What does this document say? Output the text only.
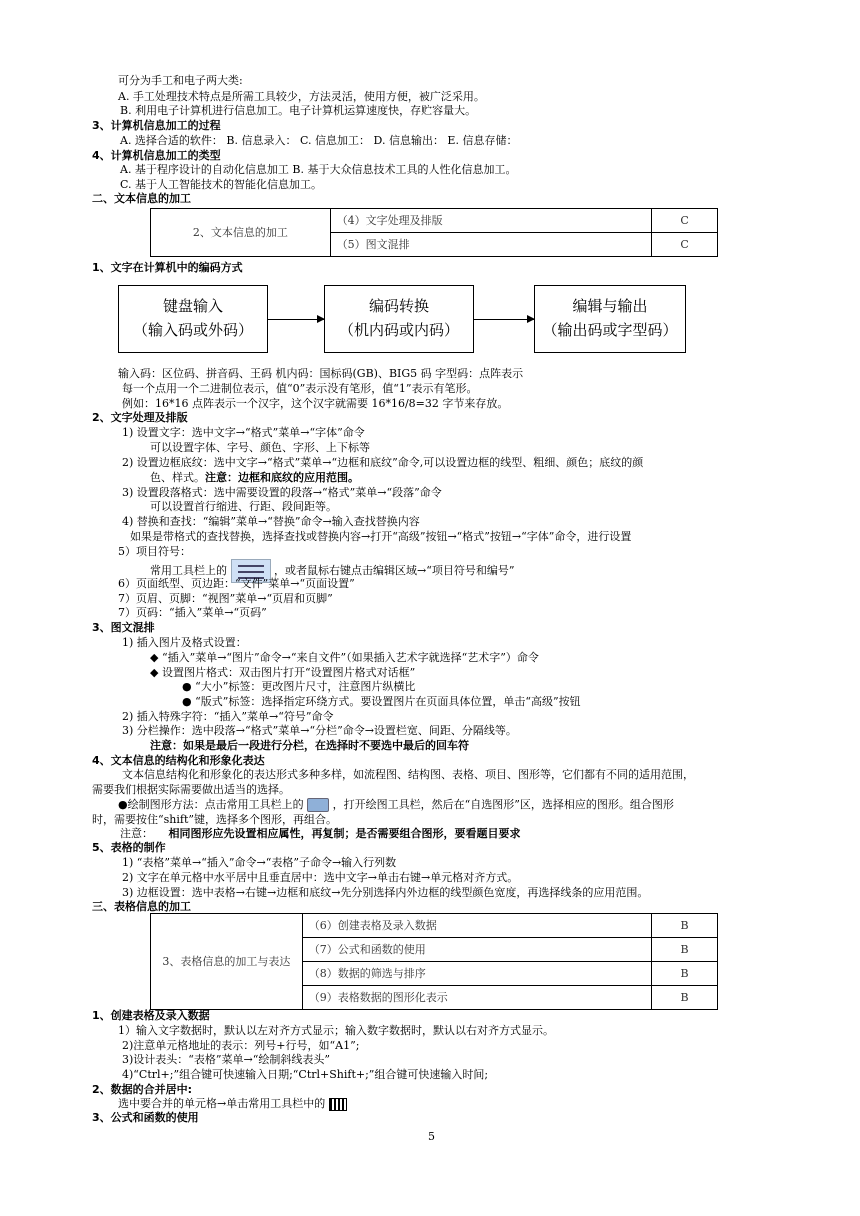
可分为手工和电子两大类:
A. 手工处理技术特点是所需工具较少，方法灵活，使用方便，被广泛采用。
B. 利用电子计算机进行信息加工。电子计算机运算速度快，存贮容量大。
3、计算机信息加工的过程
A. 选择合适的软件： B. 信息录入： C. 信息加工： D. 信息输出： E. 信息存储：
4、计算机信息加工的类型
A. 基于程序设计的自动化信息加工 B. 基于大众信息技术工具的人性化信息加工。
C. 基于人工智能技术的智能化信息加工。
二、文本信息的加工
2、文本信息的加工	（4）文字处理及排版	C
	（5）图文混排	C
1、文字在计算机中的编码方式
键盘输入
（输入码或外码）
编码转换
（机内码或内码）
编辑与输出
（输出码或字型码）
输入码：区位码、拼音码、王码 机内码：国标码(GB)、BIG5 码 字型码：点阵表示
每一个点用一个二进制位表示，值“0”表示没有笔形，值“1”表示有笔形。
例如：16*16 点阵表示一个汉字，这个汉字就需要 16*16/8=32 字节来存放。
2、文字处理及排版
1) 设置文字：选中文字→“格式”菜单→“字体”命令
可以设置字体、字号、颜色、字形、上下标等
2) 设置边框底纹：选中文字→“格式”菜单→“边框和底纹”命令,可以设置边框的线型、粗细、颜色；底纹的颜
色、样式。注意：边框和底纹的应用范围。
3) 设置段落格式：选中需要设置的段落→“格式”菜单→“段落”命令
可以设置首行缩进、行距、段间距等。
4) 替换和查找：“编辑”菜单→“替换”命令→输入查找替换内容
如果是带格式的查找替换，选择查找或替换内容→打开“高级”按钮→“格式”按钮→“字体”命令，进行设置
5）项目符号：
常用工具栏上的	，或者鼠标右键点击编辑区域→“项目符号和编号”
6）页面纸型、页边距：“文件”菜单→“页面设置”
7）页眉、页脚：“视图”菜单→“页眉和页脚”
7）页码：“插入”菜单→“页码”
3、图文混排
1) 插入图片及格式设置：
◆ “插入”菜单→“图片”命令→“来自文件”（如果插入艺术字就选择“艺术字”）命令
◆ 设置图片格式：双击图片打开“设置图片格式对话框”
● “大小”标签：更改图片尺寸，注意图片纵横比
● “版式”标签：选择指定环绕方式。要设置图片在页面具体位置，单击“高级”按钮
2) 插入特殊字符：“插入”菜单→“符号”命令
3) 分栏操作：选中段落→“格式”菜单→“分栏”命令→设置栏宽、间距、分隔线等。
注意：如果是最后一段进行分栏，在选择时不要选中最后的回车符
4、文本信息的结构化和形象化表达
文本信息结构化和形象化的表达形式多种多样，如流程图、结构图、表格、项目、图形等，它们都有不同的适用范围，
需要我们根据实际需要做出适当的选择。
●绘制图形方法：点击常用工具栏上的	，打开绘图工具栏，然后在“自选图形”区，选择相应的图形。组合图形
时，需要按住“shift”键，选择多个图形，再组合。
注意： 相同图形应先设置相应属性，再复制；是否需要组合图形，要看题目要求
5、表格的制作
1) “表格”菜单→“插入”命令→“表格”子命令→输入行列数
2) 文字在单元格中水平居中且垂直居中：选中文字→单击右键→单元格对齐方式。
3) 边框设置：选中表格→右键→边框和底纹→先分别选择内外边框的线型颜色宽度，再选择线条的应用范围。
三、表格信息的加工
3、表格信息的加工与表达	（6）创建表格及录入数据	B
	（7）公式和函数的使用	B
	（8）数据的筛选与排序	B
	（9）表格数据的图形化表示	B
1、创建表格及录入数据
1）输入文字数据时，默认以左对齐方式显示；输入数字数据时，默认以右对齐方式显示。
2)注意单元格地址的表示：列号+行号，如“A1”;
3)设计表头：“表格”菜单→“绘制斜线表头”
4)“Ctrl+;”组合键可快速输入日期;“Ctrl+Shift+;”组合键可快速输入时间;
2、数据的合并居中:
选中要合并的单元格→单击常用工具栏中的
3、公式和函数的使用
5
